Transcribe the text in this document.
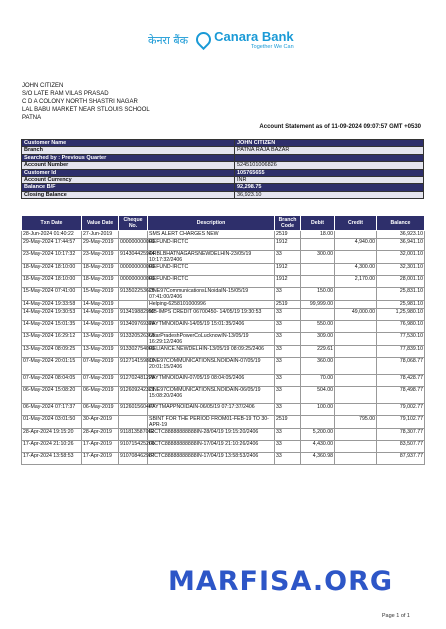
केनरा बैंक Canara Bank
Together We Can
JOHN CITIZEN
S/O LATE RAM VILAS PRASAD
C D A COLONY NORTH SHASTRI NAGAR
LAL BABU MARKET NEAR STLOUIS SCHOOL
PATNA
Account Statement as of 11-09-2024 09:07:57 GMT +0530
Customer Name	JOHN CITIZEN
Branch	PATNA RAJA BAZAR
Searched by : Previous Quarter	
Account Number	5245101006826
Customer Id	105765655
Account Currency	INR
Balance B/F	92,298.75
Closing Balance	36,923.10
Txn Date	Value Date	Cheque No.	Description	Branch Code	Debit	Credit	Balance
28-Jun-2024 01:40:22	27-Jun-2019		SMS ALERT CHARGES NEW	2519	18.00		36,923.10
29-May-2024 17:44:57	29-May-2019	000000000000	REFUND-IRCTC	1912		4,940.00	36,941.10
23-May-2024 10:17:32	23-May-2019	914304425944	DRBLBHATNAGARSNEWDELHIN-23/05/19 10:17:32/2406	33	300.00		32,001.10
18-May-2024 18:10:00	18-May-2019	000000000000	REFUND-IRCTC	1912		4,300.00	32,301.10
18-May-2024 18:10:00	18-May-2019	000000000000	REFUND-IRCTC	1912		2,170.00	28,001.10
15-May-2024 07:41:00	15-May-2019	913502253625	ONE97CommunicationsLNoidaIN-15/05/19 07:41:00/2406	33	150.00		25,831.10
14-May-2024 19:33:58	14-May-2019		Helping-6258101000996	2519	99,999.00		25,981.10
14-May-2024 19:30:53	14-May-2019	913419882992	MB-IMPS CREDIT 06700450- 14/05/19 19:30:53	33		49,000.00	1,25,980.10
14-May-2024 15:01:35	14-May-2019	913409769316	PAYTMNOIDAIN-14/05/19 15:01:35/2406	33	550.00		76,980.10
13-May-2024 16:29:12	13-May-2019	913320526366	UttarPradeshPowerCoLucknowIN-13/05/19 16:29:12/2406	33	309.00		77,530.10
13-May-2024 08:09:25	13-May-2019	913302754000	RELIANCE.NEWDELHIN-13/05/19 08:09:25/2406	33	229.61		77,839.10
07-May-2024 20:01:15	07-May-2019	912714159810	ONE97COMMUNICATIONSLNOIDAIN-07/05/19 20:01:15/2406	33	360.00		78,068.77
07-May-2024 08:04:05	07-May-2019	912702481228	PAYTMNOIDAIN-07/05/19 08:04:05/2406	33	70.00		78,428.77
06-May-2024 15:08:20	06-May-2019	912609242321	ONE97COMMUNICATIONSLNOIDAIN-06/05/19 15:08:20/2406	33	504.00		78,498.77
06-May-2024 07:17:37	06-May-2019	912601560467	PAYTMAPPNOIDAIN-06/05/19 07:17:37/2406	33	100.00		79,002.77
01-May-2024 03:01:50	30-Apr-2019		SBINT FOR THE PERIOD FROM01-FEB-19 TO 30-APR-19	2519		795.00	79,102.77
28-Apr-2024 19:15:20	28-Apr-2019	911813587062	IRCTC88888888888IN-28/04/19 19:15:20/2406	33	5,200.00		78,307.77
17-Apr-2024 21:10:26	17-Apr-2019	910715425205	IRCTC88888888888IN-17/04/19 21:10:26/2406	33	4,430.00		83,507.77
17-Apr-2024 13:58:53	17-Apr-2019	910708462987	IRCTC88888888888IN-17/04/19 13:58:53/2406	33	4,360.98		87,937.77
MARFISA.ORG
Page 1 of 1
